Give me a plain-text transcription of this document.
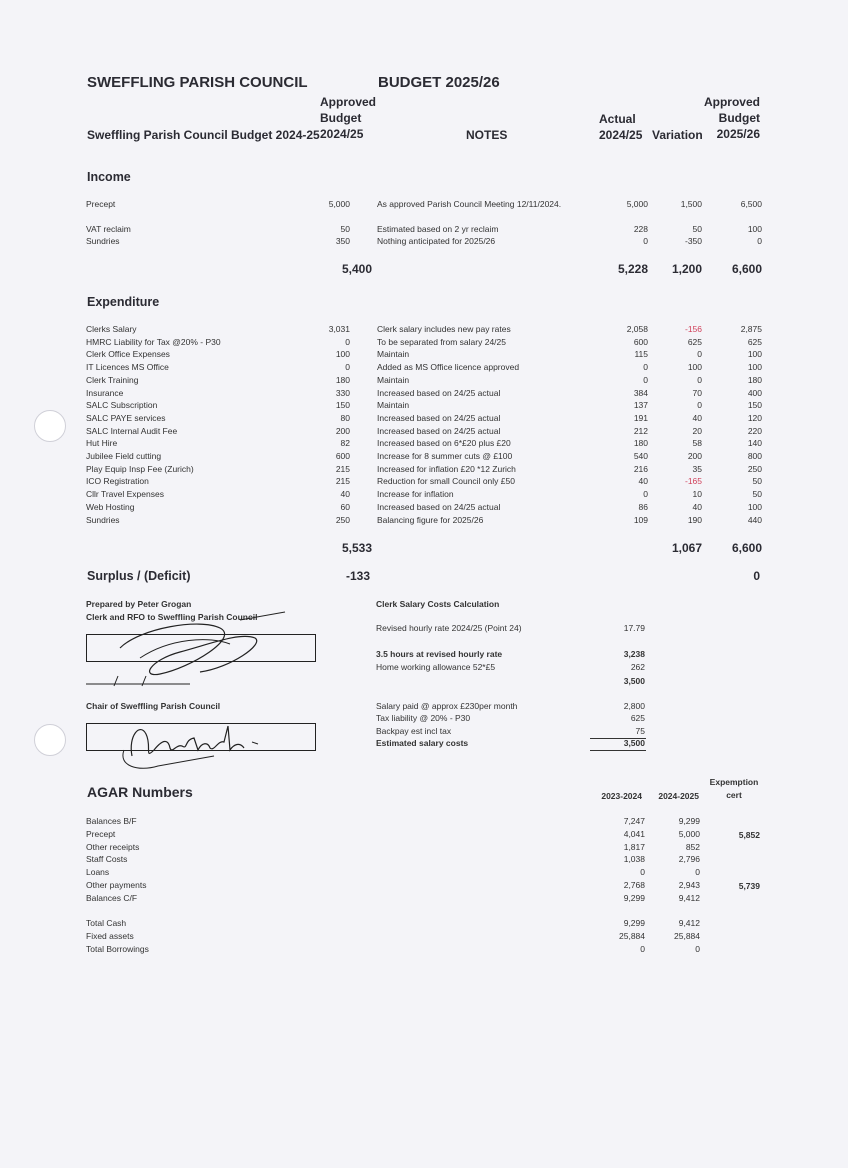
SWEFFLING PARISH COUNCIL	BUDGET 2025/26
Approved
Budget
2024/25
Sweffling Parish Council Budget 2024-25	NOTES
Actual
2024/25 Variation
Approved
Budget
2025/26
Income
Precept	5,000	As approved Parish Council Meeting 12/11/2024.	5,000	1,500	6,500
VAT reclaim	50	Estimated based on 2 yr reclaim	228	50	100
Sundries	350	Nothing anticipated for 2025/26	0	-350	0
5,400	5,228 1,200 6,600
Expenditure
Clerks Salary	3,031	Clerk salary includes new pay rates	2,058	-156	2,875
HMRC Liability for Tax @20% - P30	0	To be separated from salary 24/25	600	625	625
Clerk Office Expenses	100	Maintain	115	0	100
IT Licences MS Office	0	Added as MS Office licence approved	0	100	100
Clerk Training	180	Maintain	0	0	180
Insurance	330	Increased based on 24/25 actual	384	70	400
SALC Subscription	150	Maintain	137	0	150
SALC PAYE services	80	Increased based on 24/25 actual	191	40	120
SALC Internal Audit Fee	200	Increased based on 24/25 actual	212	20	220
Hut Hire	82	Increased based on 6*£20 plus £20	180	58	140
Jubilee Field cutting	600	Increase for 8 summer cuts @ £100	540	200	800
Play Equip Insp Fee (Zurich)	215	Increased for inflation £20 *12 Zurich	216	35	250
ICO Registration	215	Reduction for small Council only £50	40	-165	50
Cllr Travel Expenses	40	Increase for inflation	0	10	50
Web Hosting	60	Increased based on 24/25 actual	86	40	100
Sundries	250	Balancing figure for 2025/26	109	190	440
5,533	1,067 6,600
Surplus / (Deficit)	-133	0
Prepared by Peter Grogan
Clerk and RFO to Sweffling Parish Council
Chair of Sweffling Parish Council
Clerk Salary Costs Calculation
Revised hourly rate 2024/25 (Point 24)	17.79
3.5 hours at revised hourly rate	3,238
Home working allowance 52*£5	262
3,500
Salary paid @ approx £230per month	2,800
Tax liability @ 20% - P30	625
Backpay est incl tax	75
Estimated salary costs	3,500
AGAR Numbers	2023-2024 2024-2025
Expemption cert
Balances B/F	7,247	9,299
Precept	4,041	5,000	5,852
Other receipts	1,817	852
Staff Costs	1,038	2,796
Loans	0	0
Other payments	2,768	2,943	5,739
Balances C/F	9,299	9,412
Total Cash	9,299	9,412
Fixed assets	25,884	25,884
Total Borrowings	0	0
